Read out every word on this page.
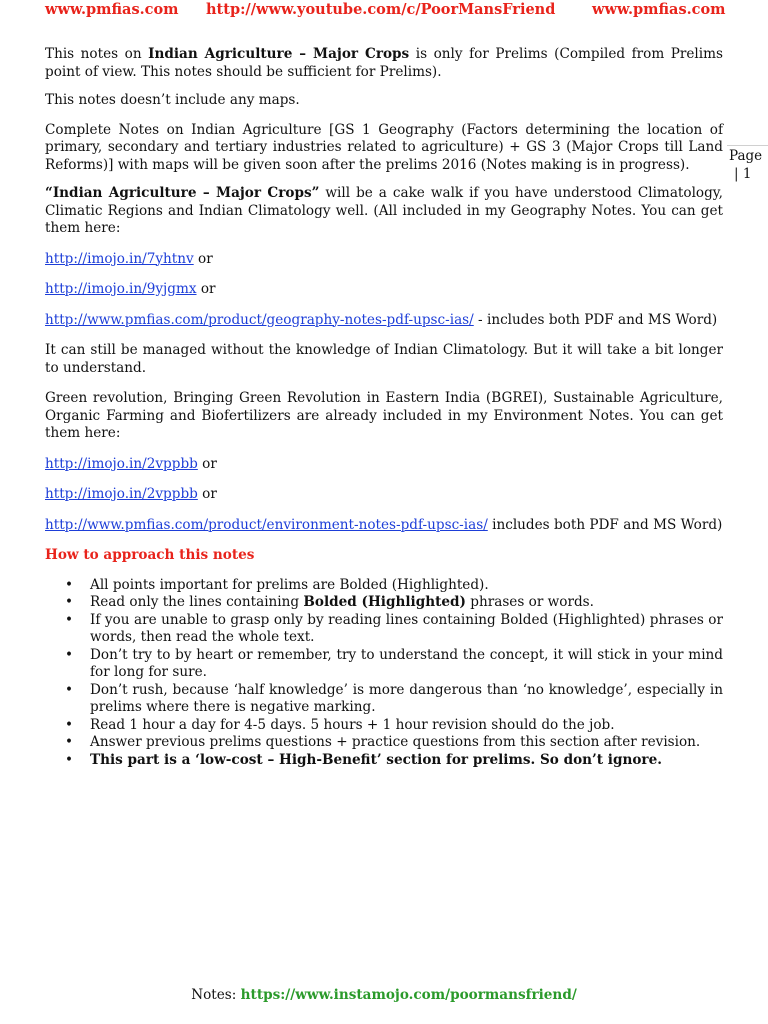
www.pmfias.com http://www.youtube.com/c/PoorMansFriend	www.pmfias.com
Page
| 1

This notes on Indian Agriculture – Major Crops is only for Prelims (Compiled from Prelims point of view. This notes should be sufficient for Prelims).

This notes doesn’t include any maps.

Complete Notes on Indian Agriculture [GS 1 Geography (Factors determining the location of primary, secondary and tertiary industries related to agriculture) + GS 3 (Major Crops till Land Reforms)] with maps will be given soon after the prelims 2016 (Notes making is in progress).

“Indian Agriculture – Major Crops” will be a cake walk if you have understood Climatology, Climatic Regions and Indian Climatology well. (All included in my Geography Notes. You can get them here:

http://imojo.in/7yhtnv or

http://imojo.in/9yjgmx or

http://www.pmfias.com/product/geography-notes-pdf-upsc-ias/ - includes both PDF and MS Word)

It can still be managed without the knowledge of Indian Climatology. But it will take a bit longer to understand.

Green revolution, Bringing Green Revolution in Eastern India (BGREI), Sustainable Agriculture, Organic Farming and Biofertilizers are already included in my Environment Notes. You can get them here:

http://imojo.in/2vppbb or

http://imojo.in/2vppbb or

http://www.pmfias.com/product/environment-notes-pdf-upsc-ias/ includes both PDF and MS Word)

How to approach this notes

• All points important for prelims are Bolded (Highlighted).
• Read only the lines containing Bolded (Highlighted) phrases or words.
• If you are unable to grasp only by reading lines containing Bolded (Highlighted) phrases or words, then read the whole text.
• Don’t try to by heart or remember, try to understand the concept, it will stick in your mind for long for sure.
• Don’t rush, because ‘half knowledge’ is more dangerous than ‘no knowledge’, especially in prelims where there is negative marking.
• Read 1 hour a day for 4-5 days. 5 hours + 1 hour revision should do the job.
• Answer previous prelims questions + practice questions from this section after revision.
• This part is a ‘low-cost – High-Benefit’ section for prelims. So don’t ignore.
Notes: https://www.instamojo.com/poormansfriend/
